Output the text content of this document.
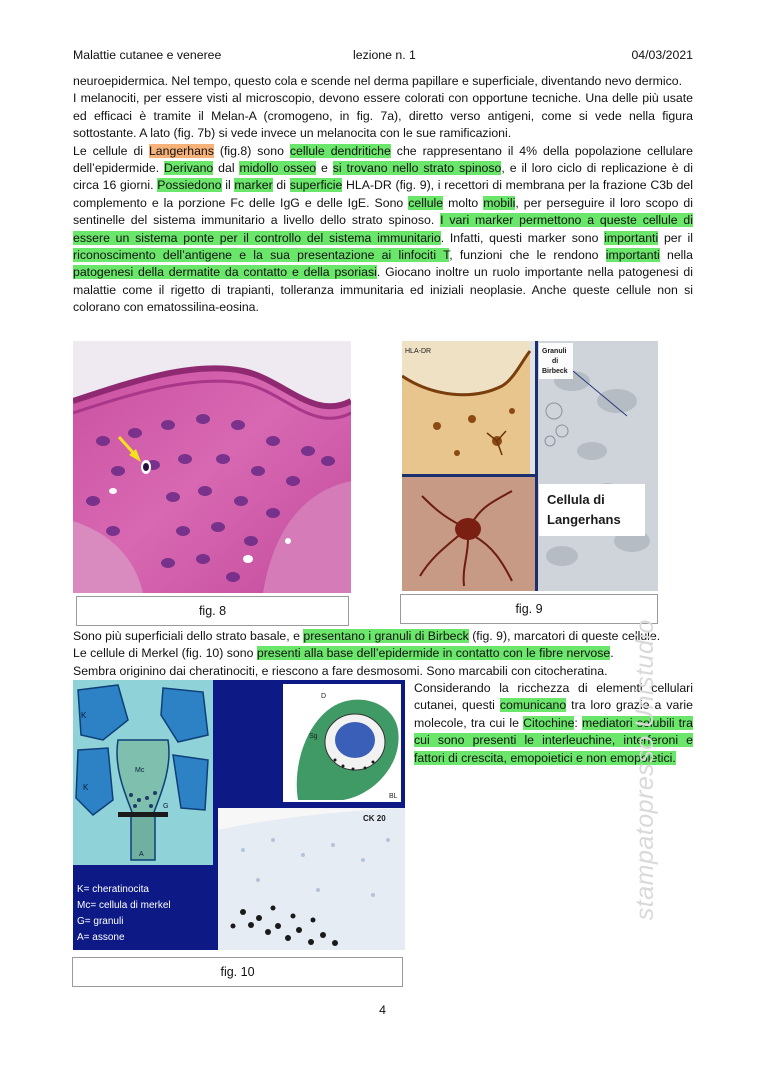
Malattie cutanee e veneree	lezione n. 1	04/03/2021

neuroepidermica. Nel tempo, questo cola e scende nel derma papillare e superficiale, diventando nevo dermico.

I melanociti, per essere visti al microscopio, devono essere colorati con opportune tecniche. Una delle più usate ed efficaci è tramite il Melan-A (cromogeno, in fig. 7a), diretto verso antigeni, come si vede nella figura sottostante. A lato (fig. 7b) si vede invece un melanocita con le sue ramificazioni.

Le cellule di Langerhans (fig.8) sono cellule dendritiche che rappresentano il 4% della popolazione cellulare dell’epidermide. Derivano dal midollo osseo e si trovano nello strato spinoso, e il loro ciclo di replicazione è di circa 16 giorni. Possiedono il marker di superficie HLA-DR (fig. 9), i recettori di membrana per la frazione C3b del complemento e la porzione Fc delle IgG e delle IgE. Sono cellule molto mobili, per perseguire il loro scopo di sentinelle del sistema immunitario a livello dello strato spinoso. I vari marker permettono a queste cellule di essere un sistema ponte per il controllo del sistema immunitario. Infatti, questi marker sono importanti per il riconoscimento dell’antigene e la sua presentazione ai linfociti T, funzioni che le rendono importanti nella patogenesi della dermatite da contatto e della psoriasi. Giocano inoltre un ruolo importante nella patogenesi di malattie come il rigetto di trapianti, tolleranza immunitaria ed iniziali neoplasie. Anche queste cellule non si colorano con ematossilina-eosina.

fig. 8
HLA-DR	Granuli
di
Birbeck
Cellula di
Langerhans
fig. 9

Sono più superficiali dello strato basale, e presentano i granuli di Birbeck (fig. 9), marcatori di queste cellule.

Le cellule di Merkel (fig. 10) sono presenti alla base dell’epidermide in contatto con le fibre nervose.

Sembra originino dai cheratinociti, e riescono a fare desmosomi. Sono marcabili con citocheratina.

K
K
Mc
G
A
K= cheratinocita
Mc= cellula di merkel
G= granuli
A= assone
D
Sg
BL
CK 20
fig. 10

Considerando la ricchezza di elementi cellulari cutanei, questi comunicano tra loro grazie a varie molecole, tra cui le Citochine: mediatori solubili tra cui sono presenti le interleuchine, interferoni e fattori di crescita, emopoietici e non emopoietici.

stampatopresso Unistudio
4
